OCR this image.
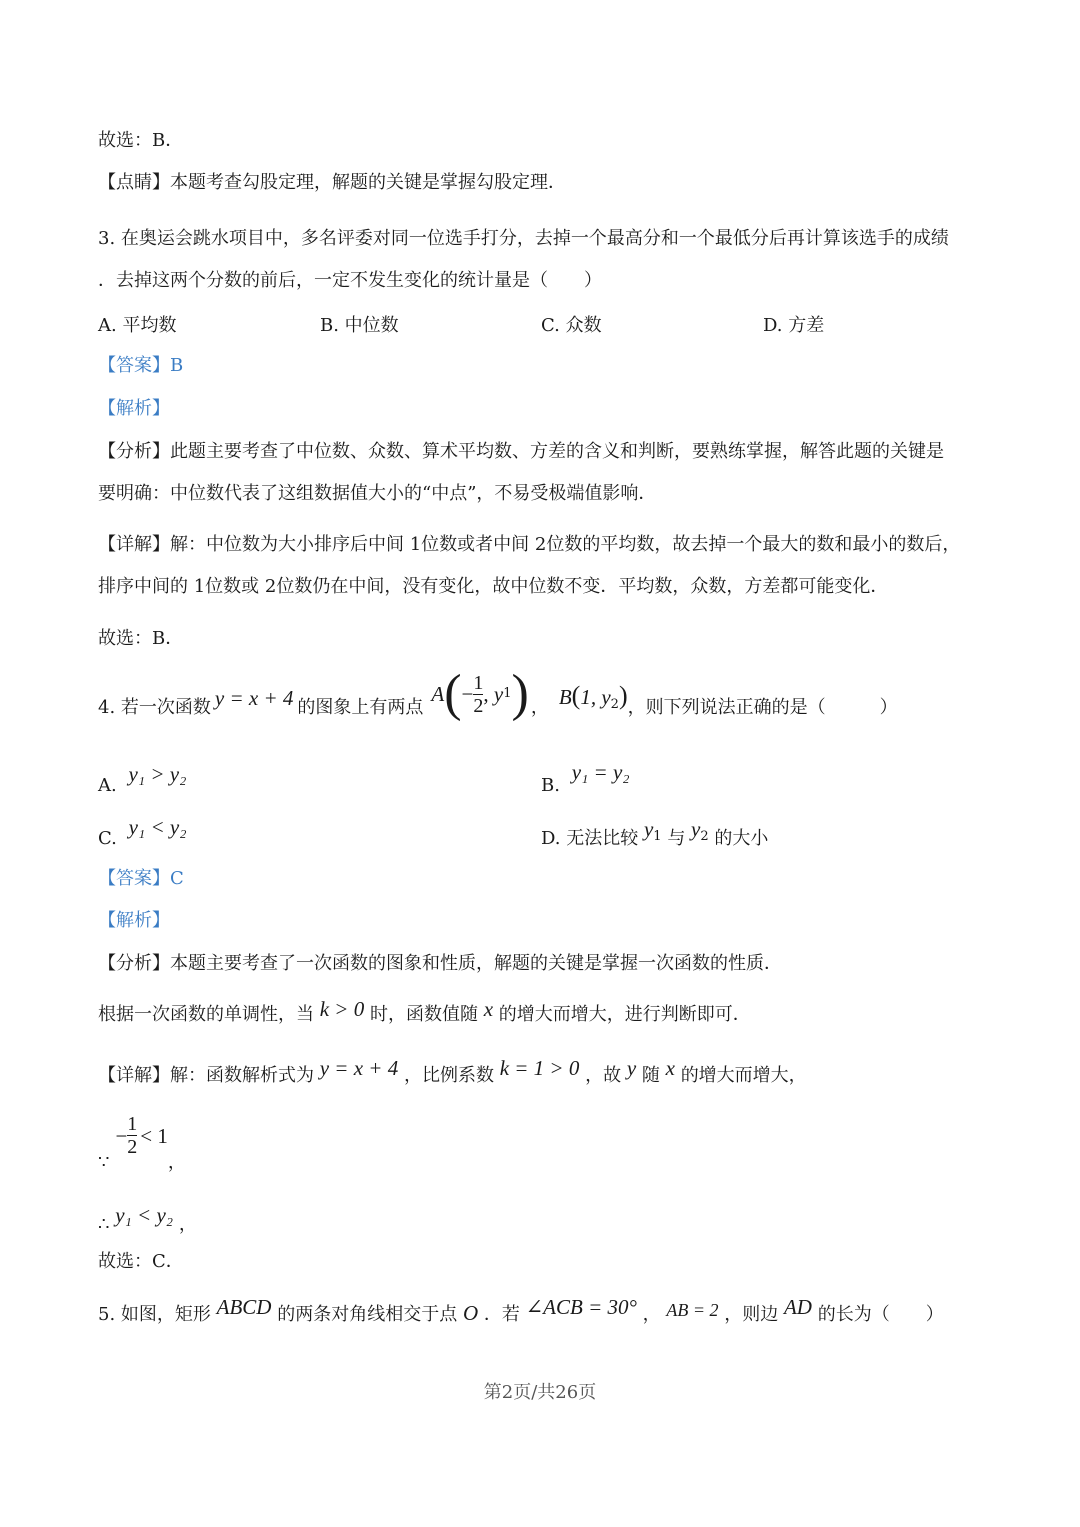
故选：B．
【点睛】本题考查勾股定理，解题的关键是掌握勾股定理．
3. 在奥运会跳水项目中，多名评委对同一位选手打分，去掉一个最高分和一个最低分后再计算该选手的成绩
．去掉这两个分数的前后，一定不发生变化的统计量是（　　）
A. 平均数	B. 中位数	C. 众数	D. 方差
【答案】B
【解析】
【分析】此题主要考查了中位数、众数、算术平均数、方差的含义和判断，要熟练掌握，解答此题的关键是
要明确：中位数代表了这组数据值大小的“中点”，不易受极端值影响．
【详解】解：中位数为大小排序后中间 1位数或者中间 2位数的平均数，故去掉一个最大的数和最小的数后，
排序中间的 1位数或 2位数仍在中间，没有变化，故中位数不变．平均数，众数，方差都可能变化．
故选：B．
4. 若一次函数 y = x + 4 的图象上有两点
A ( − $\frac{1}{2}$ , y 1 ) ， B(1, $y_2$) ，则下列说法正确的是（　　　）
A. y₁ > y₂	B. y₁ = y₂
C. y₁ < y₂	D. 无法比较 $y_1$ 与 $y_2$ 的大小
【答案】C
【解析】
【分析】本题主要考查了一次函数的图象和性质，解题的关键是掌握一次函数的性质．
根据一次函数的单调性，当 k > 0 时，函数值随 x 的增大而增大，进行判断即可．
【详解】解：函数解析式为 y = x + 4 ，比例系数 k = 1 > 0 ，故 y 随 x 的增大而增大，
∵
− $\frac{1}{2} < 1$
，
∴ y₁ < y₂ ，
故选：C．
5. 如图，矩形 ABCD 的两条对角线相交于点 O ．若 ∠ACB = 30° ， AB = 2 ，则边 AD 的长为（　　）
第2页/共26页
